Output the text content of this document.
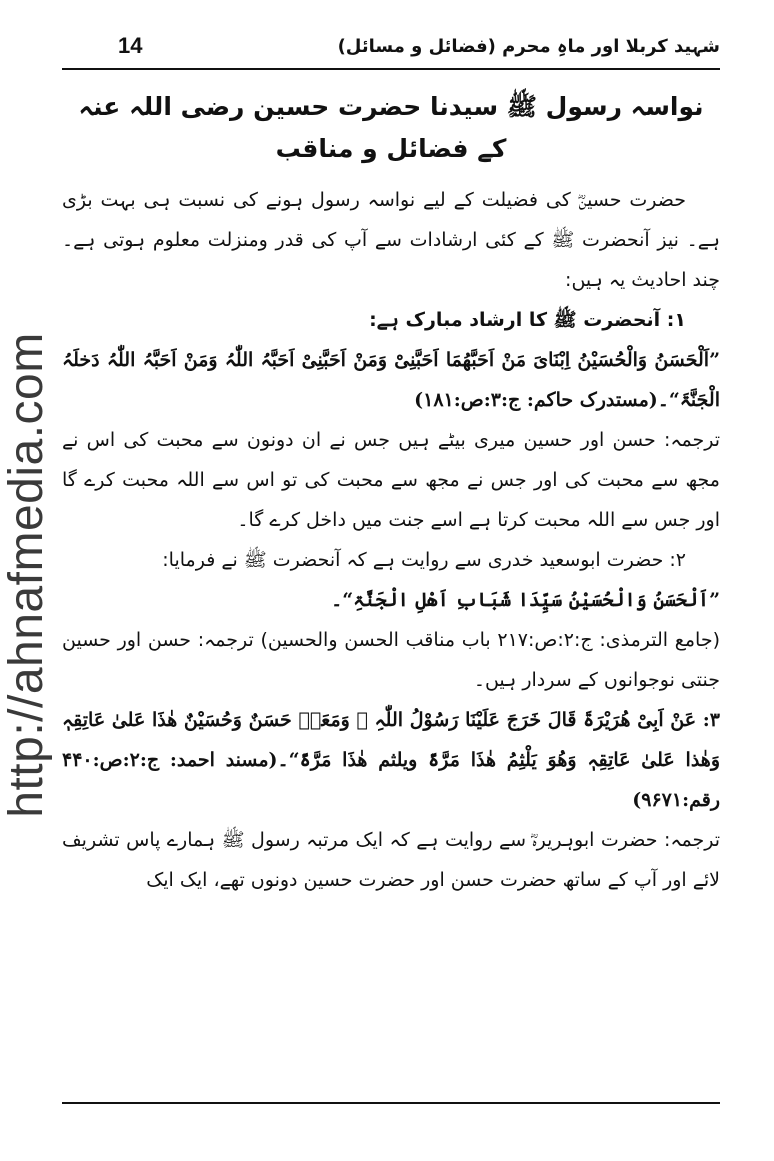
14	شہید کربلا اور ماہِ محرم (فضائل و مسائل)
http://ahnafmedia.com
نواسہ رسول ﷺ سیدنا حضرت حسین رضی اللہ عنہ کے فضائل و مناقب

حضرت حسینؓ کی فضیلت کے لیے نواسہ رسول ہونے کی نسبت ہی بہت بڑی ہے۔ نیز آنحضرت ﷺ کے کئی ارشادات سے آپ کی قدر ومنزلت معلوم ہوتی ہے۔ چند احادیث یہ ہیں:

۱: آنحضرت ﷺ کا ارشاد مبارک ہے:

”اَلْحَسَنُ وَالْحُسَیْنُ اِبْنَایَ مَنْ اَحَبَّھُمَا اَحَبَّنِیْ وَمَنْ اَحَبَّنِیْ اَحَبَّہُ اللّٰہُ وَمَنْ اَحَبَّہُ اللّٰہُ دَخلَہُ الْجَنَّۃَ“۔(مستدرک حاکم: ج:۳:ص:۱۸۱)

ترجمہ: حسن اور حسین میری بیٹے ہیں جس نے ان دونون سے محبت کی اس نے مجھ سے محبت کی اور جس نے مجھ سے محبت کی تو اس سے اللہ محبت کرے گا اور جس سے اللہ محبت کرتا ہے اسے جنت میں داخل کرے گا۔

۲: حضرت ابوسعید خدری سے روایت ہے کہ آنحضرت ﷺ نے فرمایا:

”اَلْحَسَنُ وَالْحُسَیْنُ سَیِّدَا شَبَابِ اَھْلِ الْجَنَّۃِ“۔

(جامع الترمذی: ج:۲:ص:۲۱۷ باب مناقب الحسن والحسین) ترجمہ: حسن اور حسین جنتی نوجوانوں کے سردار ہیں۔

۳: عَنْ اَبِیْ ھُرَیْرَۃَ قَالَ خَرَجَ عَلَیْنَا رَسُوْلُ اللّٰہِ ﷺ وَمَعَہٗ حَسَنٌ وَحُسَیْنٌ ھٰذَا عَلیٰ عَاتِقِہٖ وَھٰذا عَلیٰ عَاتِقِہٖ وَھُوَ یَلْثِمُ ھٰذَا مَرَّۃً ویلثم ھٰذَا مَرَّۃً“۔(مسند احمد: ج:۲:ص:۴۴۰ رقم:۹۶۷۱)

ترجمہ: حضرت ابوہریرہؓ سے روایت ہے کہ ایک مرتبہ رسول ﷺ ہمارے پاس تشریف لائے اور آپ کے ساتھ حضرت حسن اور حضرت حسین دونوں تھے، ایک ایک
